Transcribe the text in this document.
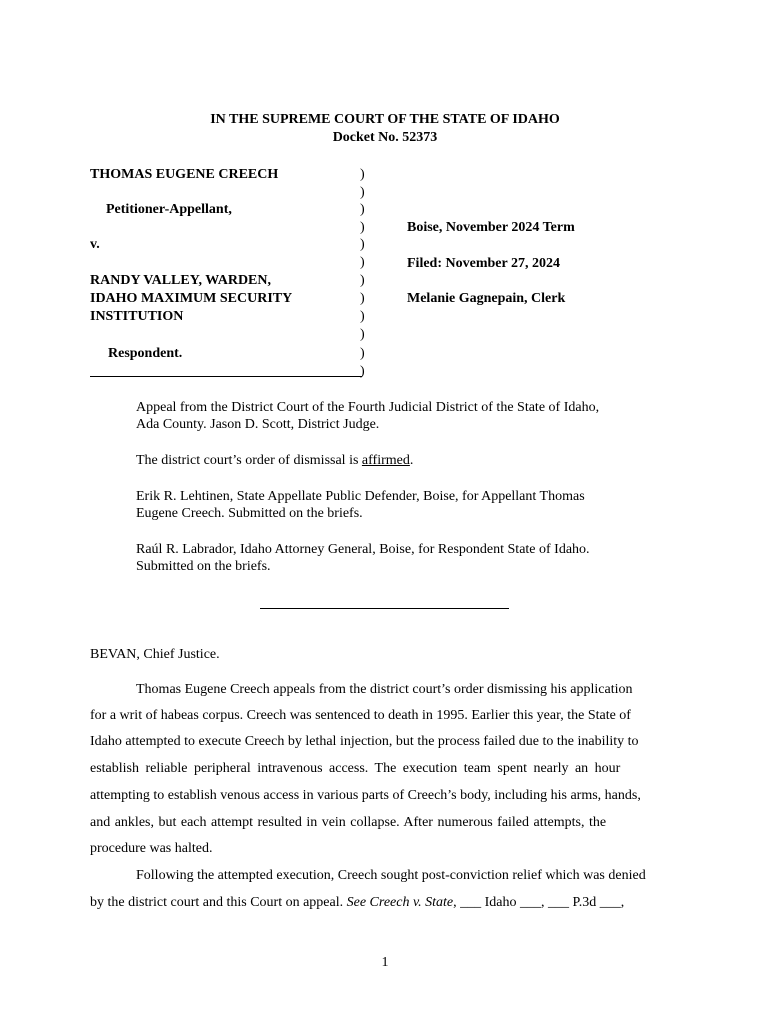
IN THE SUPREME COURT OF THE STATE OF IDAHO
Docket No. 52373
THOMAS EUGENE CREECH
Petitioner-Appellant,
v.
RANDY VALLEY, WARDEN,
IDAHO MAXIMUM SECURITY
INSTITUTION
Respondent.
)
)
)
)
)
)
)
)
)
)
)
)
Boise, November 2024 Term
Filed: November 27, 2024
Melanie Gagnepain, Clerk
Appeal from the District Court of the Fourth Judicial District of the State of Idaho,
Ada County. Jason D. Scott, District Judge.
The district court’s order of dismissal is affirmed.
Erik R. Lehtinen, State Appellate Public Defender, Boise, for Appellant Thomas
Eugene Creech. Submitted on the briefs.
Raúl R. Labrador, Idaho Attorney General, Boise, for Respondent State of Idaho.
Submitted on the briefs.
BEVAN, Chief Justice.
Thomas Eugene Creech appeals from the district court’s order dismissing his application
for a writ of habeas corpus. Creech was sentenced to death in 1995. Earlier this year, the State of
Idaho attempted to execute Creech by lethal injection, but the process failed due to the inability to
establish reliable peripheral intravenous access. The execution team spent nearly an hour
attempting to establish venous access in various parts of Creech’s body, including his arms, hands,
and ankles, but each attempt resulted in vein collapse. After numerous failed attempts, the
procedure was halted.
Following the attempted execution, Creech sought post-conviction relief which was denied
by the district court and this Court on appeal. See Creech v. State, ___ Idaho ___, ___ P.3d ___,
1
